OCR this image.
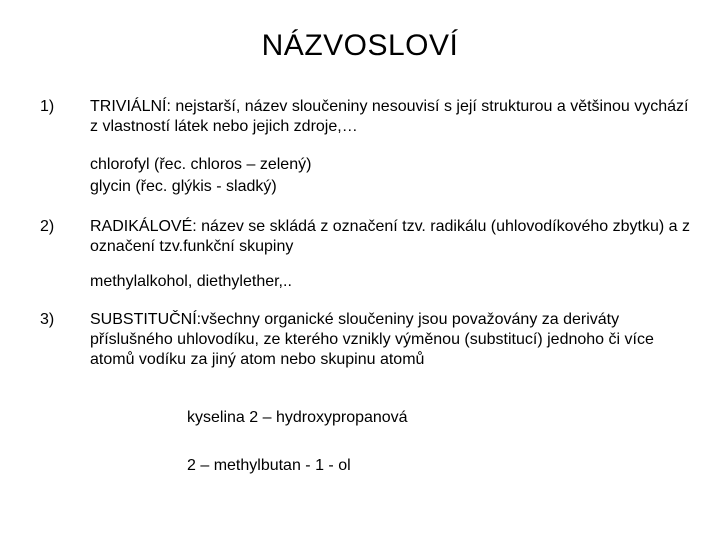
NÁZVOSLOVÍ
1) TRIVIÁLNÍ: nejstarší, název sloučeniny nesouvisí s její strukturou a většinou vychází z vlastností látek nebo jejich zdroje,…
chlorofyl (řec. chloros – zelený)
glycin (řec. glýkis - sladký)
2) RADIKÁLOVÉ: název se skládá z označení tzv. radikálu (uhlovodíkového zbytku) a z označení tzv.funkční skupiny
methylalkohol, diethylether,..
3) SUBSTITUČNÍ:všechny organické sloučeniny jsou považovány za deriváty příslušného uhlovodíku, ze kterého vznikly výměnou (substitucí) jednoho či více atomů vodíku za jiný atom nebo skupinu atomů
kyselina 2 – hydroxypropanová
2 – methylbutan - 1 - ol
